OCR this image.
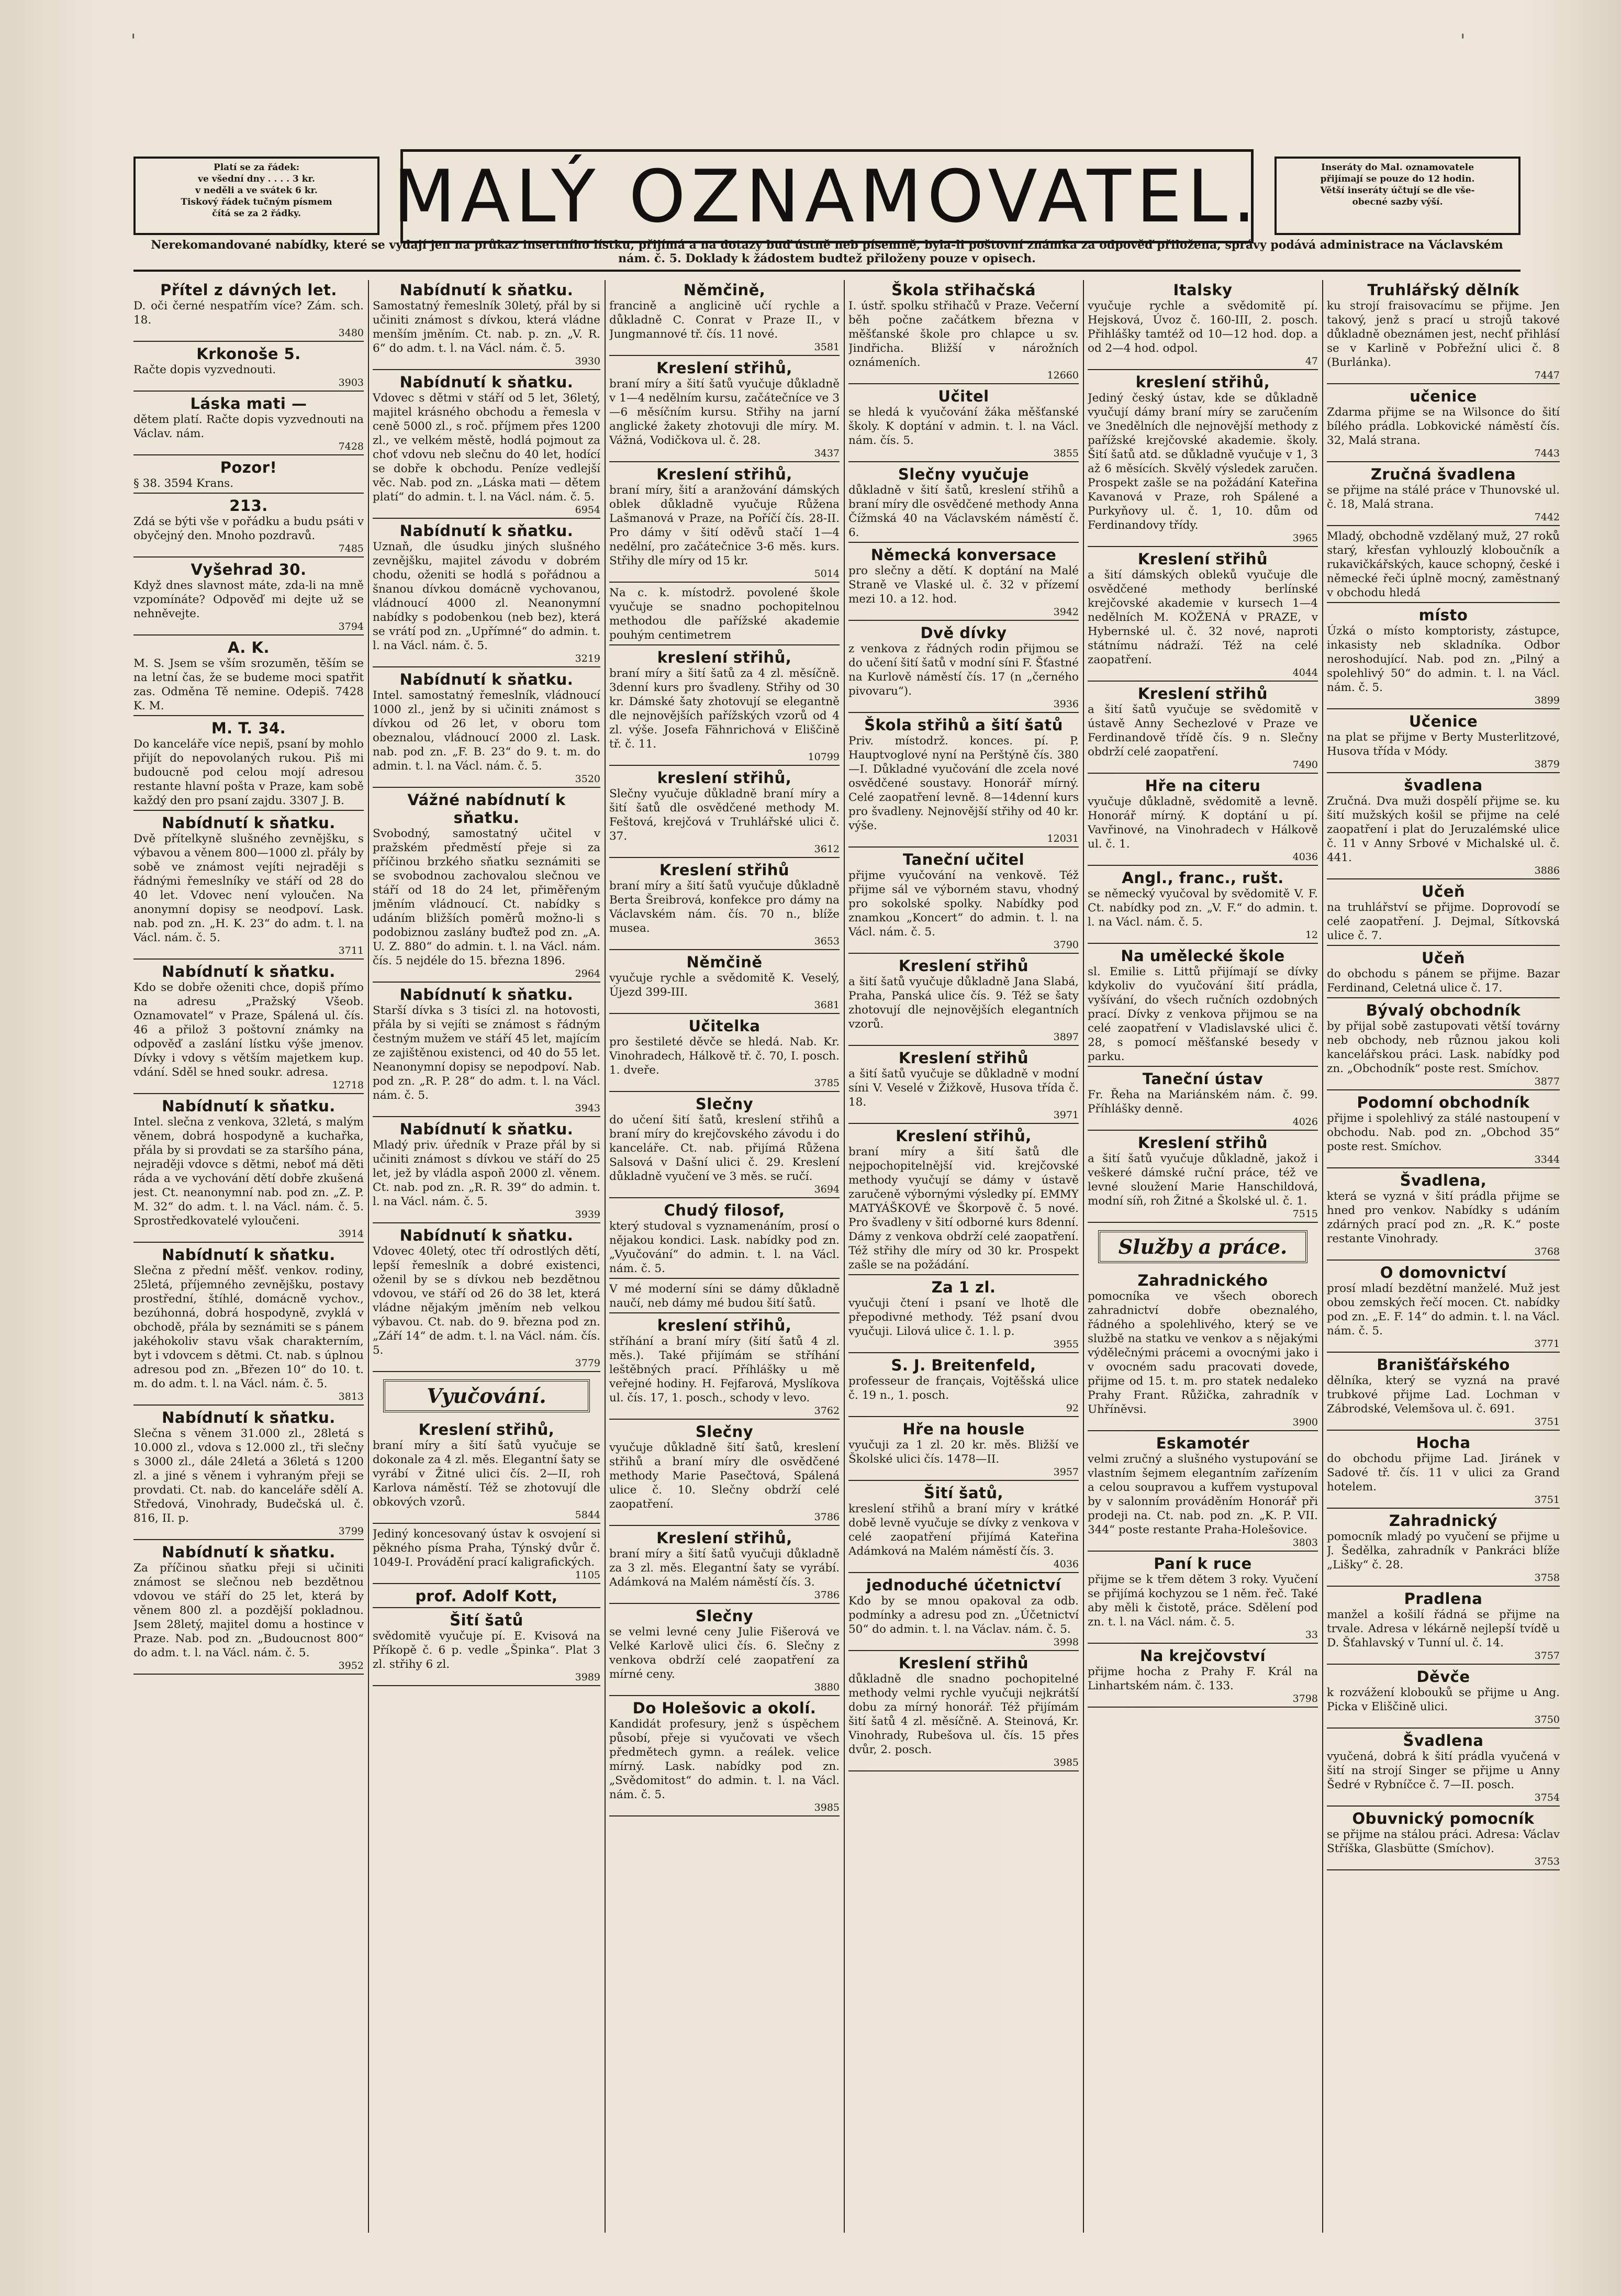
'	'
Platí se za řádek:
ve všední dny . . . . 3 kr.
v neděli a ve svátek 6 kr.
Tiskový řádek tučným písmem
čítá se za 2 řádky.	MALÝ OZNAMOVATEL.	Inseráty do Mal. oznamovatele
přijímají se pouze do 12 hodin.
Větší inseráty účtují se dle vše-
obecné sazby výší.
Nerekomandované nabídky, které se vydají jen na průkaz insertního lístku, přijímá a na dotazy buď ústně neb písemně, byla-li poštovní známka za odpověď přiložena, správy podává administrace na Václavském nám. č. 5. Doklady k žádostem budtež přiloženy pouze v opisech.
Přítel z dávných let.
D. oči černé nespatřím více? Zám. sch. 18.
3480
Krkonoše 5.
Račte dopis vyzvednouti.
3903
Láska mati —
dětem platí. Račte dopis vyzvednouti na Václav. nám.
7428
Pozor!
§ 38. 3594 Krans.
213.
Zdá se býti vše v pořádku a budu psáti v obyčejný den. Mnoho pozdravů.
7485
Vyšehrad 30.
Když dnes slavnost máte, zda-li na mně vzpomínáte? Odpověď mi dejte už se nehněvejte.
3794
A. K.
M. S. Jsem se vším srozuměn, těším se na letní čas, že se budeme moci spatřit zas. Odměna Tě nemine. Odepiš. 7428 K. M.
M. T. 34.
Do kanceláře více nepiš, psaní by mohlo přijít do nepovolaných rukou. Piš mi budoucně pod celou mojí adresou restante hlavní pošta v Praze, kam sobě každý den pro psaní zajdu. 3307 J. B.
Nabídnutí k sňatku.
Dvě přítelkyně slušného zevnějšku, s výbavou a věnem 800—1000 zl. přály by sobě ve známost vejíti nejraději s řádnými řemeslníky ve stáří od 28 do 40 let. Vdovec není vyloučen. Na anonymní dopisy se neodpoví. Lask. nab. pod zn. „H. K. 23“ do adm. t. l. na Václ. nám. č. 5.
3711
Nabídnutí k sňatku.
Kdo se dobře oženiti chce, dopiš přímo na adresu „Pražský Všeob. Oznamovatel“ v Praze, Spálená ul. čís. 46 a přilož 3 poštovní známky na odpověď a zaslání lístku výše jmenov. Dívky i vdovy s větším majetkem kup. vdání. Sděl se hned soukr. adresa.
12718
Nabídnutí k sňatku.
Intel. slečna z venkova, 32letá, s malým věnem, dobrá hospodyně a kuchařka, přála by si provdati se za staršího pána, nejraději vdovce s dětmi, neboť má děti ráda a ve vychování dětí dobře zkušená jest. Ct. neanonymní nab. pod zn. „Z. P. M. 32“ do adm. t. l. na Václ. nám. č. 5. Sprostředkovatelé vyloučeni.
3914
Nabídnutí k sňatku.
Slečna z přední měšť. venkov. rodiny, 25letá, příjemného zevnějšku, postavy prostřední, štíhlé, domácně vychov., bezúhonná, dobrá hospodyně, zvyklá v obchodě, přála by seznámiti se s pánem jakéhokoliv stavu však charakterním, byt i vdovcem s dětmi. Ct. nab. s úplnou adresou pod zn. „Březen 10“ do 10. t. m. do adm. t. l. na Václ. nám. č. 5.
3813
Nabídnutí k sňatku.
Slečna s věnem 31.000 zl., 28letá s 10.000 zl., vdova s 12.000 zl., tři slečny s 3000 zl., dále 24letá a 36letá s 1200 zl. a jiné s věnem i vyhraným přeji se provdati. Ct. nab. do kanceláře sdělí A. Středová, Vinohrady, Budečská ul. č. 816, II. p.
3799
Nabídnutí k sňatku.
Za příčinou sňatku přeji si učiniti známost se slečnou neb bezdětnou vdovou ve stáří do 25 let, která by věnem 800 zl. a pozdější pokladnou. Jsem 28letý, majitel domu a hostince v Praze. Nab. pod zn. „Budoucnost 800“ do adm. t. l. na Václ. nám. č. 5.
3952
Nabídnutí k sňatku.
Samostatný řemeslník 30letý, přál by si učiniti známost s dívkou, která vládne menším jměním. Ct. nab. p. zn. „V. R. 6“ do adm. t. l. na Václ. nám. č. 5.
3930
Nabídnutí k sňatku.
Vdovec s dětmi v stáří od 5 let, 36letý, majitel krásného obchodu a řemesla v ceně 5000 zl., s roč. příjmem přes 1200 zl., ve velkém městě, hodlá pojmout za choť vdovu neb slečnu do 40 let, hodící se dobře k obchodu. Peníze vedlejší věc. Nab. pod zn. „Láska mati — dětem platí“ do admin. t. l. na Václ. nám. č. 5.
6954
Nabídnutí k sňatku.
Uznaň, dle úsudku jiných slušného zevnějšku, majitel závodu v dobrém chodu, oženiti se hodlá s pořádnou a šnanou dívkou domácně vychovanou, vládnoucí 4000 zl. Neanonymní nabídky s podobenkou (neb bez), která se vrátí pod zn. „Upřímné“ do admin. t. l. na Václ. nám. č. 5.
3219
Nabídnutí k sňatku.
Intel. samostatný řemeslník, vládnoucí 1000 zl., jenž by si učiniti známost s dívkou od 26 let, v oboru tom obeznalou, vládnoucí 2000 zl. Lask. nab. pod zn. „F. B. 23“ do 9. t. m. do admin. t. l. na Václ. nám. č. 5.
3520
Vážné nabídnutí k sňatku.
Svobodný, samostatný učitel v pražském předměstí přeje si za příčinou brzkého sňatku seznámiti se se svobodnou zachovalou slečnou ve stáří od 18 do 24 let, přiměřeným jměním vládnoucí. Ct. nabídky s udáním bližších poměrů možno-li s podobiznou zaslány buďtež pod zn. „A. U. Z. 880“ do admin. t. l. na Václ. nám. čís. 5 nejdéle do 15. března 1896.
2964
Nabídnutí k sňatku.
Starší dívka s 3 tisíci zl. na hotovosti, přála by si vejíti se známost s řádným čestným mužem ve stáří 45 let, majícím ze zajištěnou existenci, od 40 do 55 let. Neanonymní dopisy se nepodpoví. Nab. pod zn. „R. P. 28“ do adm. t. l. na Václ. nám. č. 5.
3943
Nabídnutí k sňatku.
Mladý priv. úředník v Praze přál by si učiniti známost s dívkou ve stáří do 25 let, jež by vládla aspoň 2000 zl. věnem. Ct. nab. pod zn. „R. R. 39“ do admin. t. l. na Václ. nám. č. 5.
3939
Nabídnutí k sňatku.
Vdovec 40letý, otec tří odrostlých dětí, lepší řemeslník a dobré existenci, oženil by se s dívkou neb bezdětnou vdovou, ve stáří od 26 do 38 let, která vládne nějakým jměním neb velkou výbavou. Ct. nab. do 9. března pod zn. „Září 14“ de adm. t. l. na Václ. nám. čís. 5.
3779
Vyučování.
Kreslení střihů,
braní míry a šití šatů vyučuje se dokonale za 4 zl. měs. Elegantní šaty se vyrábí v Žitné ulici čís. 2—II, roh Karlova náměstí. Též se zhotovují dle obkových vzorů.
5844
Jediný koncesovaný ústav k osvojení si pěkného písma Praha, Týnský dvůr č. 1049-I. Provádění prací kaligrafických.
1105
prof. Adolf Kott,
Šití šatů
svědomitě vyučuje pí. E. Kvisová na Příkopě č. 6 p. vedle „Špinka“. Plat 3 zl. střihy 6 zl.
3989
Němčině,
francině a anglicině učí rychle a důkladně C. Conrat v Praze II., v Jungmannové tř. čís. 11 nové.
3581
Kreslení střihů,
braní míry a šití šatů vyučuje důkladně v 1—4 nedělním kursu, začátečníce ve 3—6 měsíčním kursu. Střihy na jarní anglické žakety zhotovuji dle míry. M. Vážná, Vodičkova ul. č. 28.
3437
Kreslení střihů,
braní míry, šití a aranžování dámských oblek důkladně vyučuje Růžena Lašmanová v Praze, na Poříčí čís. 28-II. Pro dámy v šití oděvů stačí 1—4 nedělní, pro začátečnice 3-6 měs. kurs. Střihy dle míry od 15 kr.
5014
Na c. k. místodrž. povolené škole vyučuje se snadno pochopitelnou methodou dle pařížské akademie pouhým centimetrem
kreslení střihů,
braní míry a šití šatů za 4 zl. měsíčně. 3denní kurs pro švadleny. Střihy od 30 kr. Dámské šaty zhotovují se elegantně dle nejnovějších pařížských vzorů od 4 zl. výše. Josefa Fähnrichová v Eliščině tř. č. 11.
10799
kreslení střihů,
Slečny vyučuje důkladně braní míry a šití šatů dle osvědčené methody M. Feštová, krejčová v Truhlářské ulici č. 37.
3612
Kreslení střihů
braní míry a šití šatů vyučuje důkladně Berta Šreibrová, konfekce pro dámy na Václavském nám. čís. 70 n., blíže musea.
3653
Němčině
vyučuje rychle a svědomitě K. Veselý, Újezd 399-III.
3681
Učitelka
pro šestileté děvče se hledá. Nab. Kr. Vinohradech, Hálkově tř. č. 70, I. posch. 1. dveře.
3785
Slečny
do učení šití šatů, kreslení střihů a braní míry do krejčovského závodu i do kanceláře. Ct. nab. přijímá Růžena Salsová v Dašní ulici č. 29. Kreslení důkladně vyučení ve 3 měs. se ručí.
3694
Chudý filosof,
který studoval s vyznamenáním, prosí o nějakou kondici. Lask. nabídky pod zn. „Vyučování“ do admin. t. l. na Václ. nám. č. 5.
V mé moderní síni se dámy důkladně naučí, neb dámy mé budou šití šatů.
kreslení střihů,
stříhání a braní míry (šití šatů 4 zl. měs.). Také přijímám se stříhání leštěbných prací. Příhlášky u mě veřejné hodiny. H. Fejfarová, Myslíkova ul. čís. 17, 1. posch., schody v levo.
3762
Slečny
vyučuje důkladně šití šatů, kreslení střihů a braní míry dle osvědčené methody Marie Pasečtová, Spálená ulice č. 10. Slečny obdrží celé zaopatření.
3786
Kreslení střihů,
braní míry a šití šatů vyučuji důkladně za 3 zl. měs. Elegantní šaty se vyrábí. Adámková na Malém náměstí čís. 3.
3786
Slečny
se velmi levné ceny Julie Fišerová ve Velké Karlově ulici čís. 6. Slečny z venkova obdrží celé zaopatření za mírné ceny.
3880
Do Holešovic a okolí.
Kandidát profesury, jenž s úspěchem působí, přeje si vyučovati ve všech předmětech gymn. a reálek. velice mírný. Lask. nabídky pod zn. „Svědomitost“ do admin. t. l. na Václ. nám. č. 5.
3985
Škola střihačská
I. ústř. spolku střihačů v Praze. Večerní běh počne začátkem března v měšťanské škole pro chlapce u sv. Jindřicha. Bližší v nárožních oznámeních.
12660
Učitel
se hledá k vyučování žáka měšťanské školy. K doptání v admin. t. l. na Václ. nám. čís. 5.
3855
Slečny vyučuje
důkladně v šití šatů, kreslení střihů a braní míry dle osvědčené methody Anna Čížmská 40 na Václavském náměstí č. 6.
Německá konversace
pro slečny a dětí. K doptání na Malé Straně ve Vlaské ul. č. 32 v přízemí mezi 10. a 12. hod.
3942
Dvě dívky
z venkova z řádných rodin přijmou se do učení šití šatů v modní síni F. Šťastné na Kurlově náměstí čís. 17 (n „černého pivovaru“).
3936
Škola střihů a šití šatů
Priv. místodrž. konces. pí. P. Hauptvoglové nyní na Perštýně čís. 380—I. Důkladné vyučování dle zcela nové osvědčené soustavy. Honorář mírný. Celé zaopatření levně. 8—14denní kurs pro švadleny. Nejnovější střihy od 40 kr. výše.
12031
Taneční učitel
přijme vyučování na venkově. Též přijme sál ve výborném stavu, vhodný pro sokolské spolky. Nabídky pod znamkou „Koncert“ do admin. t. l. na Václ. nám. č. 5.
3790
Kreslení střihů
a šití šatů vyučuje důkladně Jana Slabá, Praha, Panská ulice čís. 9. Též se šaty zhotovují dle nejnovějších elegantních vzorů.
3897
Kreslení střihů
a šití šatů vyučuje se důkladně v modní síni V. Veselé v Žižkově, Husova třída č. 18.
3971
Kreslení střihů,
braní míry a šití šatů dle nejpochopitelnější vid. krejčovské methody vyučují se dámy v ústavě zaručeně výbornými výsledky pí. EMMY MATYÁŠKOVÉ ve Škorpově č. 5 nové. Pro švadleny v šití odborné kurs 8denní. Dámy z venkova obdrží celé zaopatření. Též střihy dle míry od 30 kr. Prospekt zašle se na požádání.
Za 1 zl.
vyučuji čtení i psaní ve lhotě dle přepodivné methody. Též psaní dvou vyučuji. Lilová ulice č. 1. l. p.
3955
S. J. Breitenfeld,
professeur de français, Vojtěšská ulice č. 19 n., 1. posch.
92
Hře na housle
vyučuji za 1 zl. 20 kr. měs. Bližší ve Školské ulici čís. 1478—II.
3957
Šití šatů,
kreslení střihů a braní míry v krátké době levně vyučuje se dívky z venkova v celé zaopatření přijímá Kateřina Adámková na Malém náměstí čís. 3.
4036
jednoduché účetnictví
Kdo by se mnou opakoval za odb. podmínky a adresu pod zn. „Účetnictví 50“ do admin. t. l. na Václav. nám. č. 5.
3998
Kreslení střihů
důkladně dle snadno pochopitelné methody velmi rychle vyučuji nejkrátší dobu za mírný honorář. Též přijímám šití šatů 4 zl. měsíčně. A. Steinová, Kr. Vinohrady, Rubešova ul. čís. 15 přes dvůr, 2. posch.
3985
Italsky
vyučuje rychle a svědomitě pí. Hejsková, Úvoz č. 160-III, 2. posch. Přihlášky tamtéž od 10—12 hod. dop. a od 2—4 hod. odpol.
47
kreslení střihů,
Jediný český ústav, kde se důkladně vyučují dámy braní míry se zaručením ve 3nedělních dle nejnovější methody z pařížské krejčovské akademie. školy. Šití šatů atd. se důkladně vyučuje v 1, 3 až 6 měsících. Skvělý výsledek zaručen. Prospekt zašle se na požádání Kateřina Kavanová v Praze, roh Spálené a Purkyňovy ul. č. 1, 10. dům od Ferdinandovy třídy.
3965
Kreslení střihů
a šití dámských obleků vyučuje dle osvědčené methody berlínské krejčovské akademie v kursech 1—4 nedělních M. KOŽENÁ v PRAZE, v Hybernské ul. č. 32 nové, naproti státnímu nádraží. Též na celé zaopatření.
4044
Kreslení střihů
a šití šatů vyučuje se svědomitě v ústavě Anny Sechezlové v Praze ve Ferdinandově třídě čís. 9 n. Slečny obdrží celé zaopatření.
7490
Hře na citeru
vyučuje důkladně, svědomitě a levně. Honorář mírný. K doptání u pí. Vavřinové, na Vinohradech v Hálkově ul. č. 1.
4036
Angl., franc., rušt.
se německý vyučoval by svědomitě V. F. Ct. nabídky pod zn. „V. F.“ do admin. t. l. na Václ. nám. č. 5.
12
Na umělecké škole
sl. Emilie s. Littů přijímají se dívky kdykoliv do vyučování šití prádla, vyšívání, do všech ručních ozdobných prací. Dívky z venkova přijmou se na celé zaopatření v Vladislavské ulici č. 28, s pomocí měšťanské besedy v parku.
Taneční ústav
Fr. Řeha na Mariánském nám. č. 99. Příhlášky denně.
4026
Kreslení střihů
a šití šatů vyučuje důkladně, jakož i veškeré dámské ruční práce, též ve levné sloužení Marie Hanschildová, modní síň, roh Žitné a Školské ul. č. 1.
7515
Služby a práce.
Zahradnického
pomocníka ve všech oborech zahradnictví dobře obeznalého, řádného a spolehlivého, který se ve službě na statku ve venkov a s nějakými výdělečnými prácemi a ovocnými jako i v ovocném sadu pracovati dovede, přijme od 15. t. m. pro statek nedaleko Prahy Frant. Růžička, zahradník v Uhříněvsi.
3900
Eskamotér
velmi zručný a slušného vystupování se vlastním šejmem elegantním zařízením a celou soupravou a kufřem vystupoval by v salonním prováděním Honorář při prodeji na. Ct. nab. pod zn. „K. P. VII. 344“ poste restante Praha-Holešovice.
3803
Paní k ruce
přijme se k třem dětem 3 roky. Vyučení se přijímá kochyzou se 1 něm. řeč. Také aby měli k čistotě, práce. Sdělení pod zn. t. l. na Václ. nám. č. 5.
33
Na krejčovství
přijme hocha z Prahy F. Král na Linhartském nám. č. 133.
3798
Truhlářský dělník
ku strojí fraisovacímu se přijme. Jen takový, jenž s prací u strojů takové důkladně obeznámen jest, nechť přihlásí se v Karlině v Pobřežní ulici č. 8 (Burlánka).
7447
učenice
Zdarma přijme se na Wilsonce do šití bílého prádla. Lobkovické náměstí čís. 32, Malá strana.
7443
Zručná švadlena
se přijme na stálé práce v Thunovské ul. č. 18, Malá strana.
7442
Mladý, obchodně vzdělaný muž, 27 roků starý, křesťan vyhlouzlý kloboučník a rukavičkářských, kauce schopný, české i německé řeči úplně mocný, zaměstnaný v obchodu hledá
místo
Úzká o místo komptoristy, zástupce, inkasisty neb skladníka. Odbor neroshodující. Nab. pod zn. „Pilný a spolehlivý 50“ do admin. t. l. na Václ. nám. č. 5.
3899
Učenice
na plat se přijme v Berty Musterlitzové, Husova třída v Módy.
3879
švadlena
Zručná. Dva muži dospělí přijme se. ku šití mužských košil se přijme na celé zaopatření i plat do Jeruzalémské ulice č. 11 v Anny Srbové v Michalské ul. č. 441.
3886
Učeň
na truhlářství se přijme. Doprovodí se celé zaopatření. J. Dejmal, Sítkovská ulice č. 7.
Učeň
do obchodu s pánem se přijme. Bazar Ferdinand, Celetná ulice č. 17.
Bývalý obchodník
by přijal sobě zastupovati větší továrny neb obchody, neb různou jakou koli kancelářskou práci. Lask. nabídky pod zn. „Obchodník“ poste rest. Smíchov.
3877
Podomní obchodník
přijme i spolehlivý za stálé nastoupení v obchodu. Nab. pod zn. „Obchod 35“ poste rest. Smíchov.
3344
Švadlena,
která se vyzná v šití prádla přijme se hned pro venkov. Nabídky s udáním zdárných prací pod zn. „R. K.“ poste restante Vinohrady.
3768
O domovnictví
prosí mladí bezdětní manželé. Muž jest obou zemských řečí mocen. Ct. nabídky pod zn. „E. F. 14“ do admin. t. l. na Václ. nám. č. 5.
3771
Branišťářského
dělníka, který se vyzná na pravé trubkové přijme Lad. Lochman v Zábrodské, Velemšova ul. č. 691.
3751
Hocha
do obchodu přijme Lad. Jiránek v Sadové tř. čís. 11 v ulici za Grand hotelem.
3751
Zahradnický
pomocník mladý po vyučení se přijme u J. Šedělka, zahradník v Pankráci blíže „Lišky“ č. 28.
3758
Pradlena
manžel a košilí řádná se přijme na trvale. Adresa v lékárně nejlepší tvídě u D. Šťahlavský v Tunní ul. č. 14.
3757
Děvče
k rozvážení klobouků se přijme u Ang. Picka v Eliščině ulici.
3750
Švadlena
vyučená, dobrá k šití prádla vyučená v šití na strojí Singer se přijme u Anny Šedré v Rybníčce č. 7—II. posch.
3754
Obuvnický pomocník
se přijme na stálou práci. Adresa: Václav Stříška, Glasbütte (Smíchov).
3753
